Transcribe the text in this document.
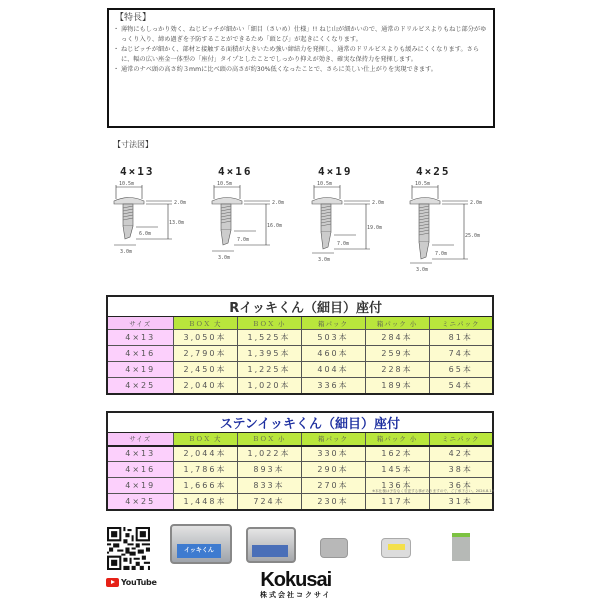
【特長】
・ 薄物にもしっかり効く、ねじピッチが細かい「細目（さいめ）仕様」!! ねじ山が細かいので、通常のドリルビスよりもねじ部分がゆっくり入り、締め過ぎを予防することができるため「頭とび」が起きにくくなります。
・ ねじピッチが細かく、部材と接触する面積が大きいため強い締結力を発揮し、通常のドリルビスよりも緩みにくくなります。さらに、幅の広い座金一体型の「座付」タイプとしたことでしっかり抑えが効き、確実な保持力を発揮します。
・ 通常のナベ頭の高さ約３mmに比べ頭の高さが約30%低くなったことで、さらに美しい仕上がりを実現できます。
【寸法図】
4×13
10.5m
2.0m
13.0m
6.0m
3.0m
4×16
10.5m
2.0m
16.0m
7.0m
3.0m
4×19
10.5m
2.0m
19.0m
7.0m
3.0m
4×25
10.5m
2.0m
25.0m
7.0m
3.0m
Rイッキくん（細目）座付					
サイズ	ＢＯＸ 大	ＢＯＸ 小	箱パック	箱パック 小	ミニパック
4×13	3,050本	1,525本	503本	284本	81本
4×16	2,790本	1,395本	460本	259本	74本
4×19	2,450本	1,225本	404本	228本	65本
4×25	2,040本	1,020本	336本	189本	54本
ステンイッキくん（細目）座付					
サイズ	ＢＯＸ 大	ＢＯＸ 小	箱パック	箱パック 小	ミニパック
4×13	2,044本	1,022本	330本	162本	42本
4×16	1,786本	893本	290本	145本	38本
4×19	1,666本	833本	270本	136本	36本
4×25	1,448本	724本	230本	117本	31本
※本仕様は予告なく変更する事がありますので、ご了承下さい。2024.8.19
YouTube
イッキくん
Kokusai
株式会社コクサイ
